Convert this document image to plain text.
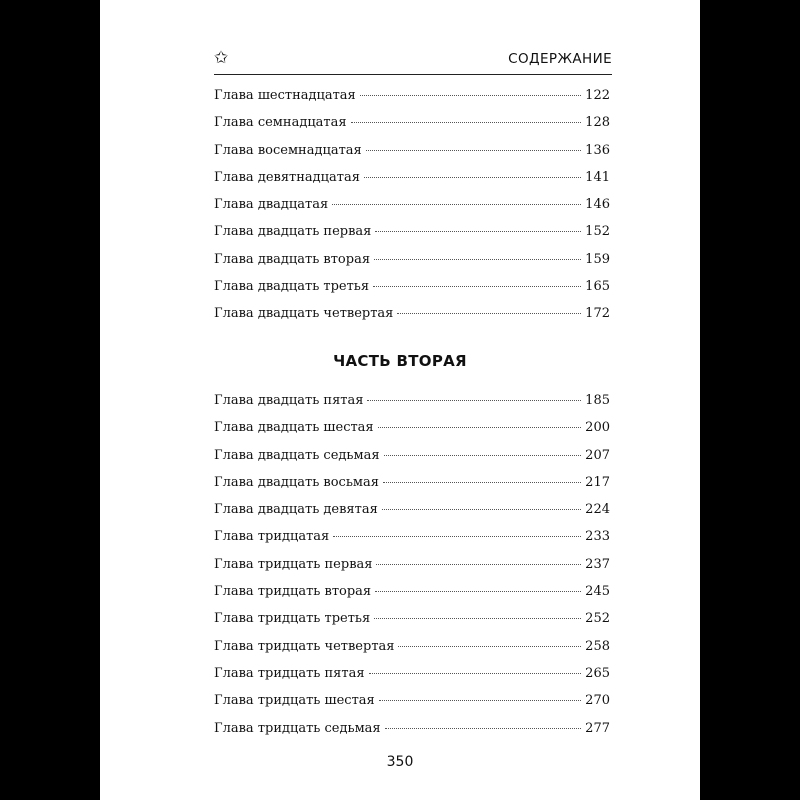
✩	СОДЕРЖАНИЕ
Глава шестнадцатая	122
Глава семнадцатая	128
Глава восемнадцатая	136
Глава девятнадцатая	141
Глава двадцатая	146
Глава двадцать первая	152
Глава двадцать вторая	159
Глава двадцать третья	165
Глава двадцать четвертая	172
ЧАСТЬ ВТОРАЯ
Глава двадцать пятая	185
Глава двадцать шестая	200
Глава двадцать седьмая	207
Глава двадцать восьмая	217
Глава двадцать девятая	224
Глава тридцатая	233
Глава тридцать первая	237
Глава тридцать вторая	245
Глава тридцать третья	252
Глава тридцать четвертая	258
Глава тридцать пятая	265
Глава тридцать шестая	270
Глава тридцать седьмая	277
350
